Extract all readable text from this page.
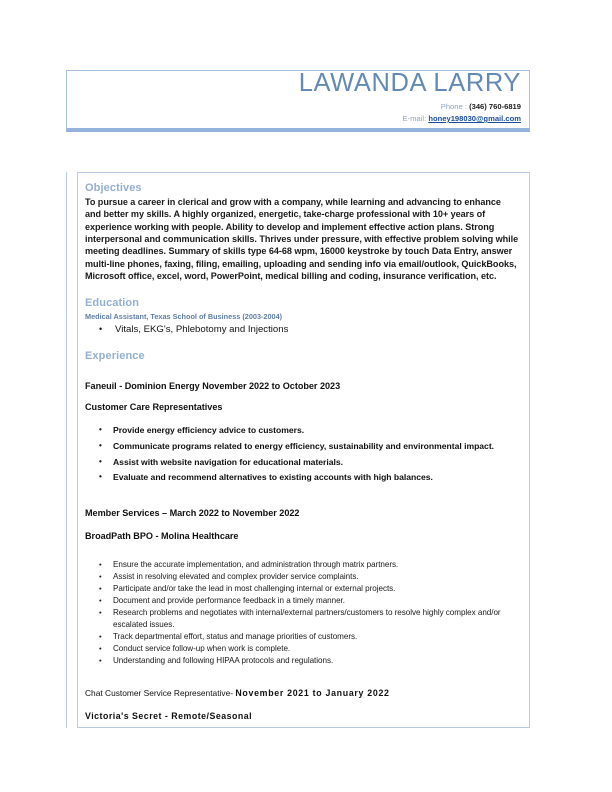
LAWANDA LARRY
Phone : (346) 760-6819
E-mail: honey198030@gmail.com
Objectives

To pursue a career in clerical and grow with a company, while learning and advancing to enhance and better my skills. A highly organized, energetic, take-charge professional with 10+ years of experience working with people. Ability to develop and implement effective action plans. Strong interpersonal and communication skills. Thrives under pressure, with effective problem solving while meeting deadlines. Summary of skills type 64-68 wpm, 16000 keystroke by touch Data Entry, answer multi-line phones, faxing, filing, emailing, uploading and sending info via email/outlook, QuickBooks, Microsoft office, excel, word, PowerPoint, medical billing and coding, insurance verification, etc.

Education
Medical Assistant, Texas School of Business (2003-2004)
• Vitals, EKG's, Phlebotomy and Injections
Experience

Faneuil - Dominion Energy November 2022 to October 2023

Customer Care Representatives

• Provide energy efficiency advice to customers.
• Communicate programs related to energy efficiency, sustainability and environmental impact.
• Assist with website navigation for educational materials.
• Evaluate and recommend alternatives to existing accounts with high balances.

Member Services – March 2022 to November 2022

BroadPath BPO - Molina Healthcare

• Ensure the accurate implementation, and administration through matrix partners.
• Assist in resolving elevated and complex provider service complaints.
• Participate and/or take the lead in most challenging internal or external projects.
• Document and provide performance feedback in a timely manner.
• Research problems and negotiates with internal/external partners/customers to resolve highly complex and/or escalated issues.
• Track departmental effort, status and manage priorities of customers.
• Conduct service follow-up when work is complete.
• Understanding and following HIPAA protocols and regulations.

Chat Customer Service Representative- November 2021 to January 2022

Victoria's Secret - Remote/Seasonal
